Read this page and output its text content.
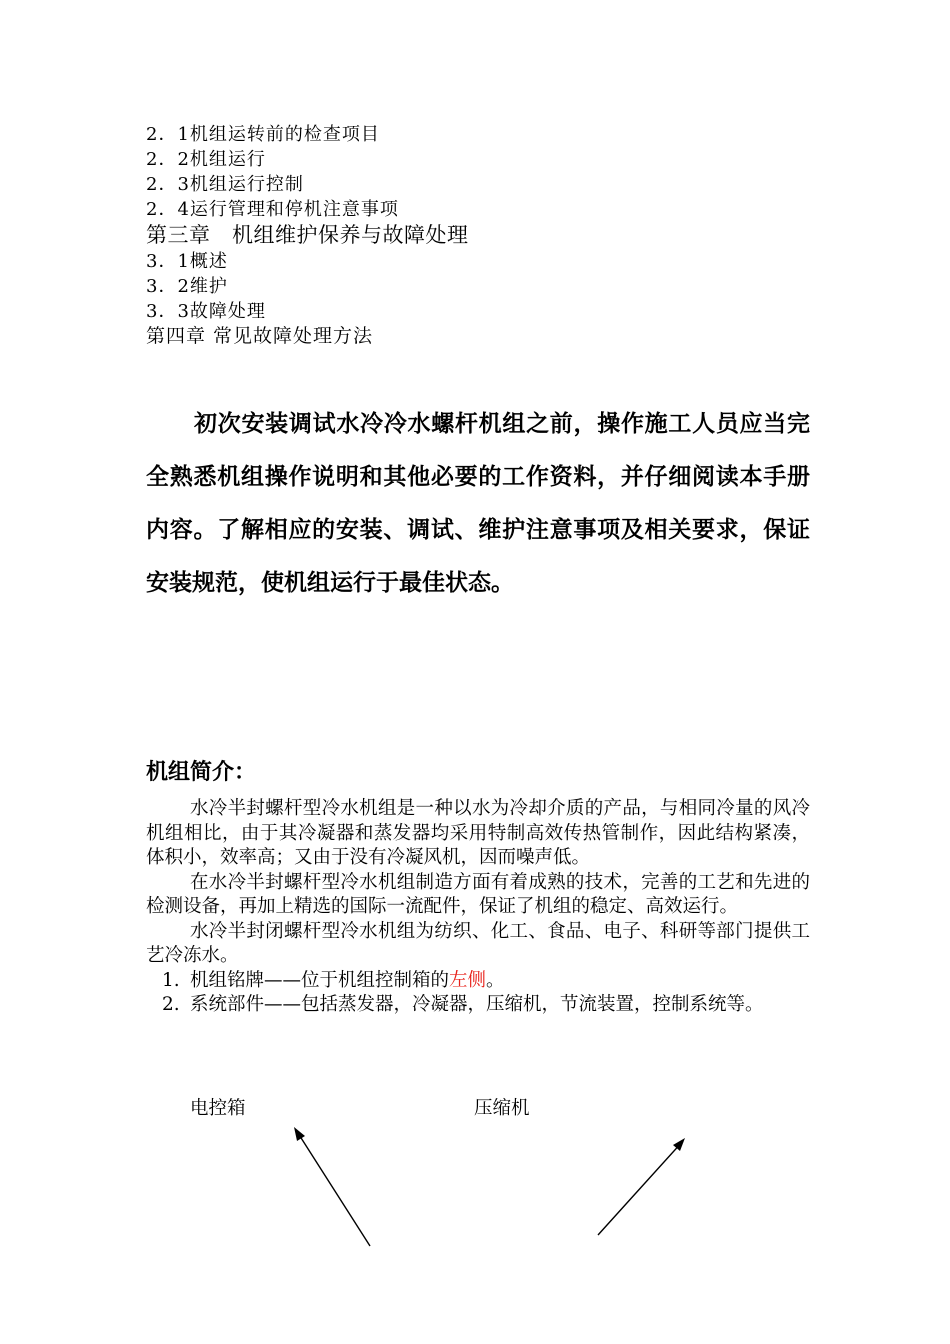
2．1机组运转前的检查项目
2．2机组运行
2．3机组运行控制
2．4运行管理和停机注意事项
第三章　机组维护保养与故障处理
3．1概述
3．2维护
3．3故障处理
第四章 常见故障处理方法

初次安装调试水冷冷水螺杆机组之前，操作施工人员应当完全熟悉机组操作说明和其他必要的工作资料，并仔细阅读本手册内容。了解相应的安装、调试、维护注意事项及相关要求，保证安装规范，使机组运行于最佳状态。

机组简介：

水冷半封螺杆型冷水机组是一种以水为冷却介质的产品，与相同冷量的风冷机组相比，由于其冷凝器和蒸发器均采用特制高效传热管制作，因此结构紧凑，体积小，效率高；又由于没有冷凝风机，因而噪声低。

在水冷半封螺杆型冷水机组制造方面有着成熟的技术，完善的工艺和先进的检测设备，再加上精选的国际一流配件，保证了机组的稳定、高效运行。

水冷半封闭螺杆型冷水机组为纺织、化工、食品、电子、科研等部门提供工艺冷冻水。

1. 机组铭牌——位于机组控制箱的左侧。
2. 系统部件——包括蒸发器，冷凝器，压缩机，节流装置，控制系统等。
电控箱	压缩机
